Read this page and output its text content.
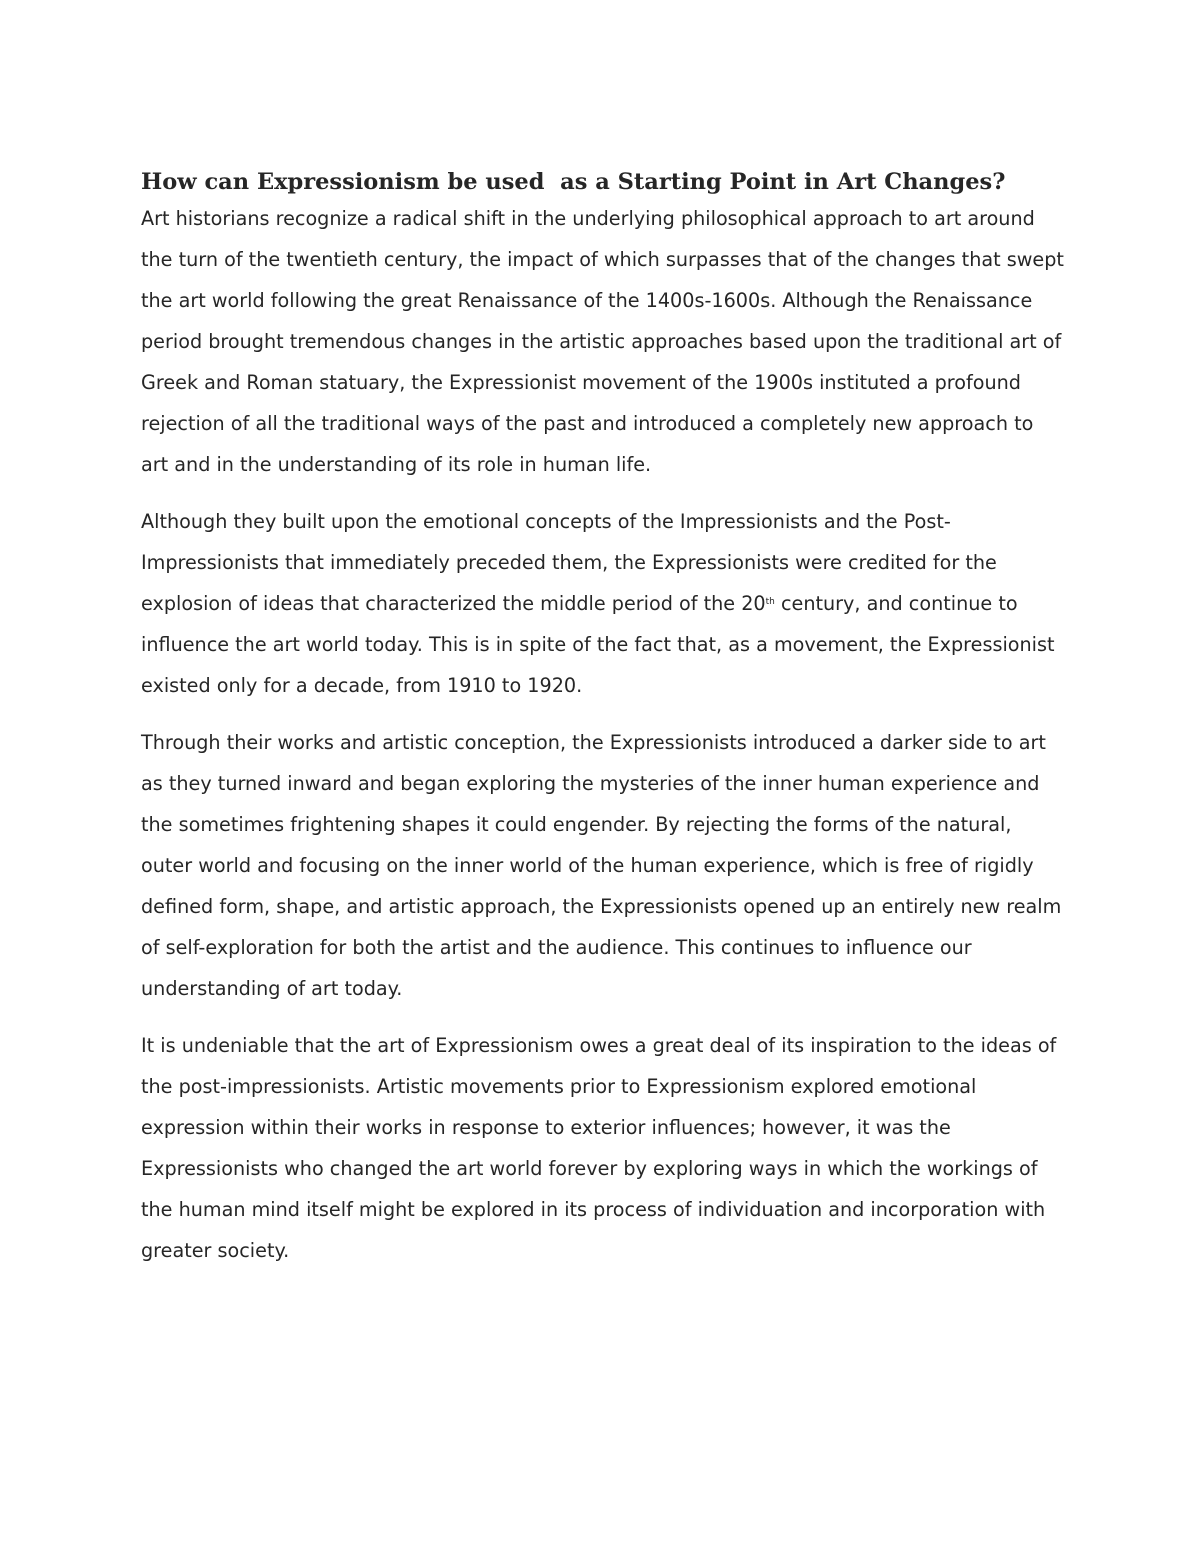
How can Expressionism be used  as a Starting Point in Art Changes?

Art historians recognize a radical shift in the underlying philosophical approach to art around the turn of the twentieth century, the impact of which surpasses that of the changes that swept the art world following the great Renaissance of the 1400s-1600s. Although the Renaissance period brought tremendous changes in the artistic approaches based upon the traditional art of Greek and Roman statuary, the Expressionist movement of the 1900s instituted a profound rejection of all the traditional ways of the past and introduced a completely new approach to art and in the understanding of its role in human life.

Although they built upon the emotional concepts of the Impressionists and the Post-Impressionists that immediately preceded them, the Expressionists were credited for the explosion of ideas that characterized the middle period of the 20th century, and continue to influence the art world today. This is in spite of the fact that, as a movement, the Expressionist existed only for a decade, from 1910 to 1920.

Through their works and artistic conception, the Expressionists introduced a darker side to art as they turned inward and began exploring the mysteries of the inner human experience and the sometimes frightening shapes it could engender. By rejecting the forms of the natural, outer world and focusing on the inner world of the human experience, which is free of rigidly defined form, shape, and artistic approach, the Expressionists opened up an entirely new realm of self-exploration for both the artist and the audience. This continues to influence our understanding of art today.

It is undeniable that the art of Expressionism owes a great deal of its inspiration to the ideas of the post-impressionists. Artistic movements prior to Expressionism explored emotional expression within their works in response to exterior influences; however, it was the Expressionists who changed the art world forever by exploring ways in which the workings of the human mind itself might be explored in its process of individuation and incorporation with greater society.
